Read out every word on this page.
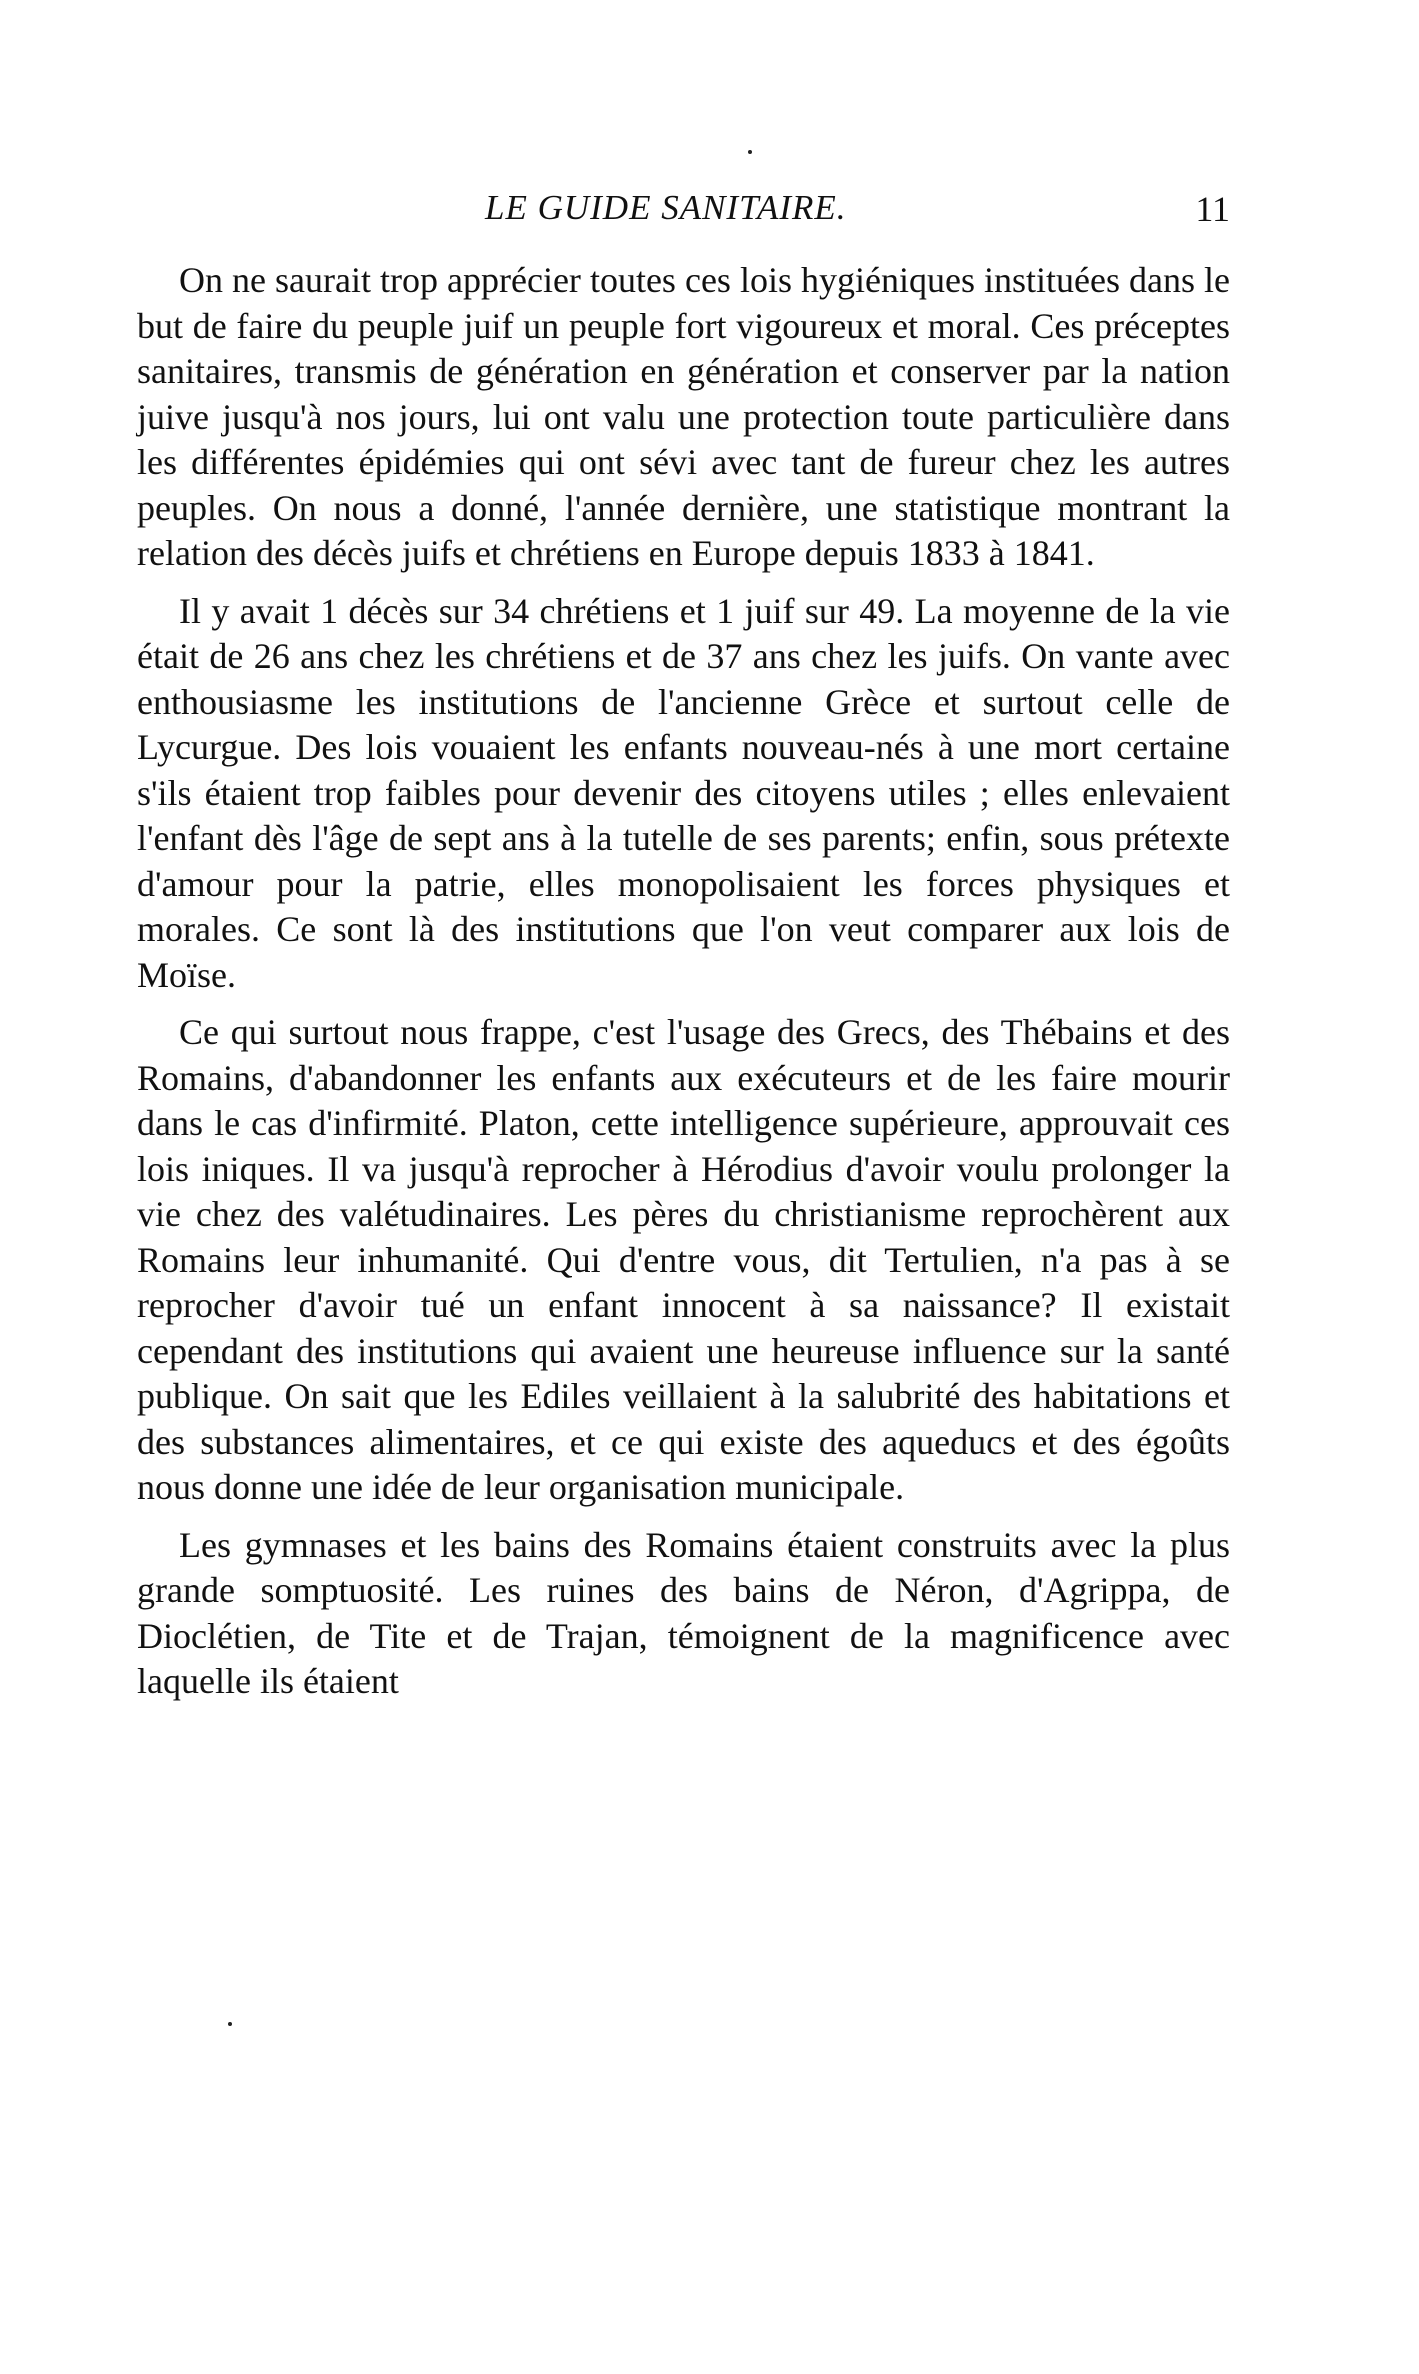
LE GUIDE SANITAIRE.	11

On ne saurait trop apprécier toutes ces lois hygiéniques instituées dans le but de faire du peuple juif un peuple fort vigoureux et moral. Ces préceptes sanitaires, transmis de génération en génération et conserver par la nation juive jusqu'à nos jours, lui ont valu une protection toute particulière dans les différentes épidémies qui ont sévi avec tant de fureur chez les autres peuples. On nous a donné, l'année dernière, une statistique montrant la relation des décès juifs et chrétiens en Europe depuis 1833 à 1841.

Il y avait 1 décès sur 34 chrétiens et 1 juif sur 49. La moyenne de la vie était de 26 ans chez les chrétiens et de 37 ans chez les juifs. On vante avec enthousiasme les institutions de l'ancienne Grèce et surtout celle de Lycurgue. Des lois vouaient les enfants nouveau-nés à une mort certaine s'ils étaient trop faibles pour devenir des citoyens utiles ; elles enlevaient l'enfant dès l'âge de sept ans à la tutelle de ses parents; enfin, sous prétexte d'amour pour la patrie, elles monopolisaient les forces physiques et morales. Ce sont là des institutions que l'on veut comparer aux lois de Moïse.

Ce qui surtout nous frappe, c'est l'usage des Grecs, des Thébains et des Romains, d'abandonner les enfants aux exécuteurs et de les faire mourir dans le cas d'infirmité. Platon, cette intelligence supérieure, approuvait ces lois iniques. Il va jusqu'à reprocher à Hérodius d'avoir voulu prolonger la vie chez des valétudinaires. Les pères du christianisme reprochèrent aux Romains leur inhumanité. Qui d'entre vous, dit Tertulien, n'a pas à se reprocher d'avoir tué un enfant innocent à sa naissance? Il existait cependant des institutions qui avaient une heureuse influence sur la santé publique. On sait que les Ediles veillaient à la salubrité des habitations et des substances alimentaires, et ce qui existe des aqueducs et des égoûts nous donne une idée de leur organisation municipale.

Les gymnases et les bains des Romains étaient construits avec la plus grande somptuosité. Les ruines des bains de Néron, d'Agrippa, de Dioclétien, de Tite et de Trajan, témoignent de la magnificence avec laquelle ils étaient
